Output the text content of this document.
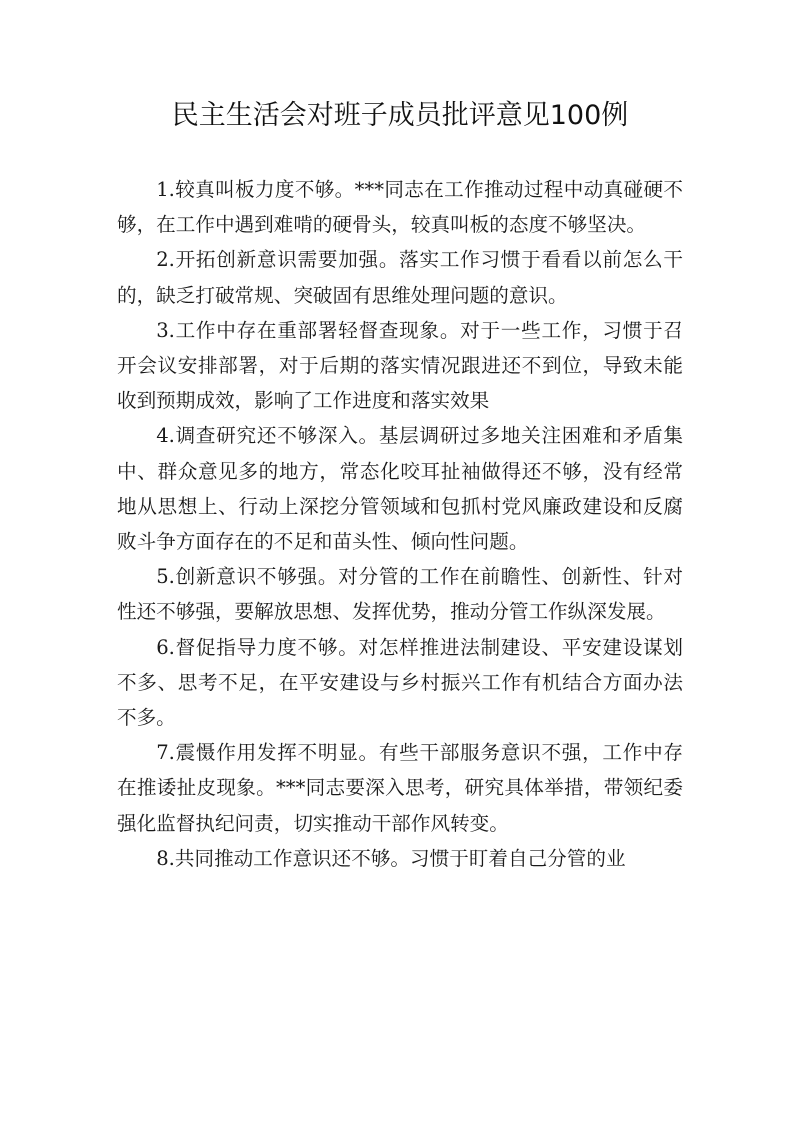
民主生活会对班子成员批评意见100例

1.较真叫板力度不够。***同志在工作推动过程中动真碰硬不够，在工作中遇到难啃的硬骨头，较真叫板的态度不够坚决。

2.开拓创新意识需要加强。落实工作习惯于看看以前怎么干的，缺乏打破常规、突破固有思维处理问题的意识。

3.工作中存在重部署轻督查现象。对于一些工作，习惯于召开会议安排部署，对于后期的落实情况跟进还不到位，导致未能收到预期成效，影响了工作进度和落实效果

4.调查研究还不够深入。基层调研过多地关注困难和矛盾集中、群众意见多的地方，常态化咬耳扯袖做得还不够，没有经常地从思想上、行动上深挖分管领域和包抓村党风廉政建设和反腐败斗争方面存在的不足和苗头性、倾向性问题。

5.创新意识不够强。对分管的工作在前瞻性、创新性、针对性还不够强，要解放思想、发挥优势，推动分管工作纵深发展。

6.督促指导力度不够。对怎样推进法制建设、平安建设谋划不多、思考不足，在平安建设与乡村振兴工作有机结合方面办法不多。

7.震慑作用发挥不明显。有些干部服务意识不强，工作中存在推诿扯皮现象。***同志要深入思考，研究具体举措，带领纪委强化监督执纪问责，切实推动干部作风转变。

8.共同推动工作意识还不够。习惯于盯着自己分管的业
